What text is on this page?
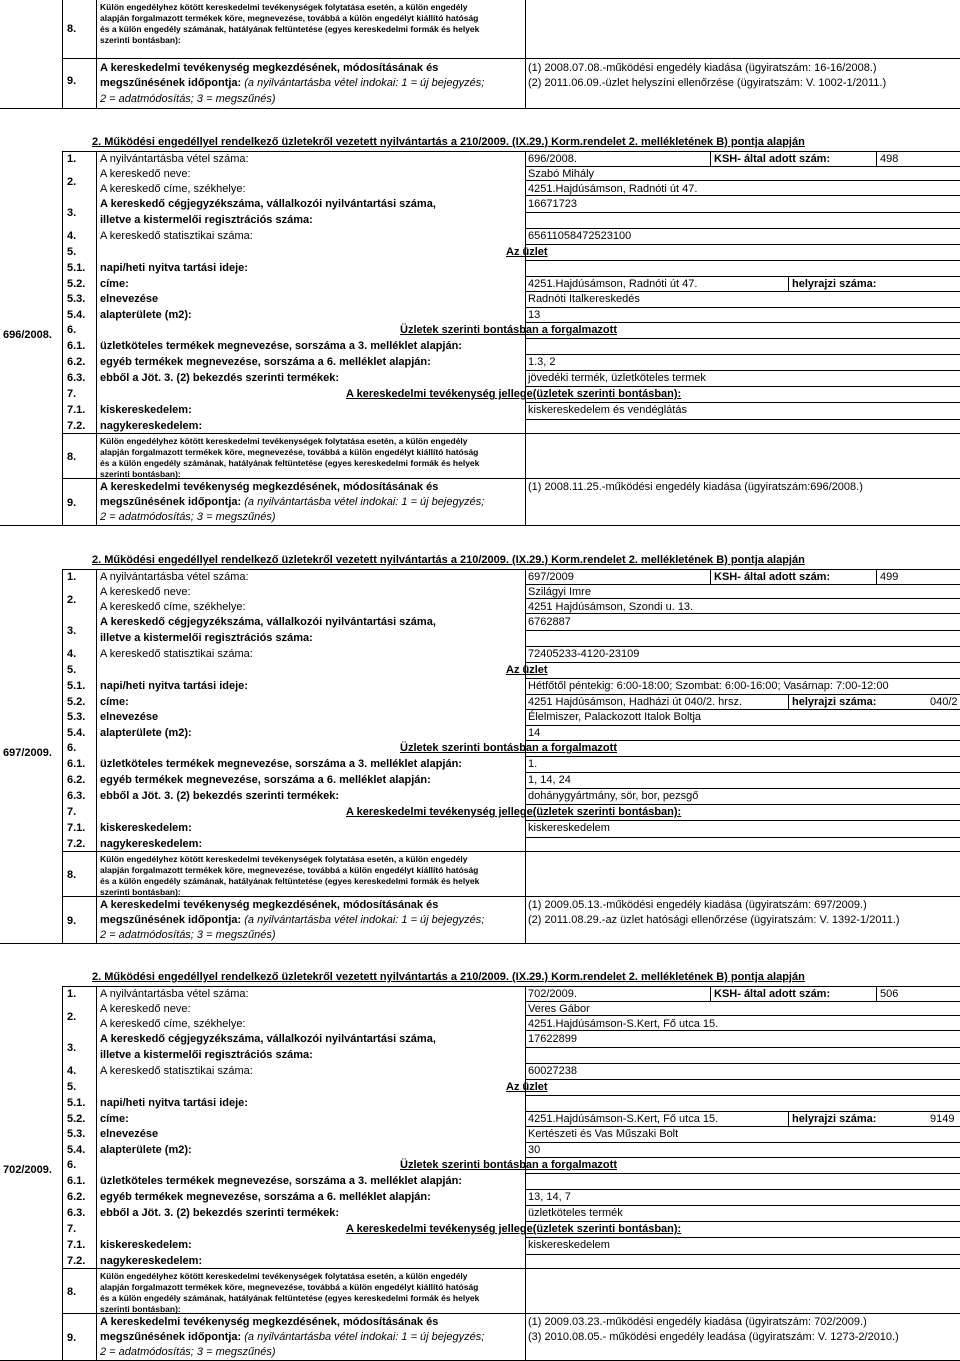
8.
Külön engedélyhez kötött kereskedelmi tevékenységek folytatása esetén, a külön engedély
alapján forgalmazott termékek köre, megnevezése, továbbá a külön engedélyt kiállító hatóság
és a külön engedély számának, hatályának feltüntetése (egyes kereskedelmi formák és helyek
szerinti bontásban):
9.
A kereskedelmi tevékenység megkezdésének, módosításának és
megszűnésének időpontja: (a nyilvántartásba vétel indokai: 1 = új bejegyzés;
2 = adatmódosítás; 3 = megszűnés)
(1) 2008.07.08.-működési engedély kiadása (ügyiratszám: 16-16/2008.)
(2) 2011.06.09.-üzlet helyszíni ellenőrzése (ügyiratszám: V. 1002-1/2011.)
2. Működési engedéllyel rendelkező üzletekről vezetett nyilvántartás a 210/2009. (IX.29.) Korm.rendelet 2. mellékletének B) pontja alapján
1. A nyilvántartásba vétel száma:	696/2008.	KSH- által adott szám:	498
2.
A kereskedő neve:	Szabó Mihály
A kereskedő címe, székhelye:	4251.Hajdúsámson, Radnóti út 47.
3.
A kereskedő cégjegyzékszáma, vállalkozói nyilvántartási száma,	16671723
illetve a kistermelői regisztrációs száma:
4. A kereskedő statisztikai száma:	65611058472523100
5.	Az üzlet
5.1. napi/heti nyitva tartási ideje:
5.2. címe:	4251.Hajdúsámson, Radnóti út 47.	helyrajzi száma:
5.3. elnevezése	Radnóti Italkereskedés
5.4. alapterülete (m2):	13
6.	Üzletek szerinti bontásban a forgalmazott
6.1. üzletköteles termékek megnevezése, sorszáma a 3. melléklet alapján:
6.2. egyéb termékek megnevezése, sorszáma a 6. melléklet alapján:	1.3, 2
6.3. ebből a Jöt. 3. (2) bekezdés szerinti termékek:	jövedéki termék, üzletköteles termek
7.	A kereskedelmi tevékenység jellege(üzletek szerinti bontásban):
7.1. kiskereskedelem:	kiskereskedelem és vendéglátás
7.2. nagykereskedelem:
8.
Külön engedélyhez kötött kereskedelmi tevékenységek folytatása esetén, a külön engedély
alapján forgalmazott termékek köre, megnevezése, továbbá a külön engedélyt kiállító hatóság
és a külön engedély számának, hatályának feltüntetése (egyes kereskedelmi formák és helyek
szerinti bontásban):
9.
A kereskedelmi tevékenység megkezdésének, módosításának és
megszűnésének időpontja: (a nyilvántartásba vétel indokai: 1 = új bejegyzés;
2 = adatmódosítás; 3 = megszűnés)
(1) 2008.11.25.-működési engedély kiadása (ügyiratszám:696/2008.)
696/2008.
2. Működési engedéllyel rendelkező üzletekről vezetett nyilvántartás a 210/2009. (IX.29.) Korm.rendelet 2. mellékletének B) pontja alapján
1. A nyilvántartásba vétel száma:	697/2009	KSH- által adott szám:	499
2.
A kereskedő neve:	Szilágyi Imre
A kereskedő címe, székhelye:	4251 Hajdúsámson, Szondi u. 13.
3.
A kereskedő cégjegyzékszáma, vállalkozói nyilvántartási száma,	6762887
illetve a kistermelői regisztrációs száma:
4. A kereskedő statisztikai száma:	72405233-4120-23109
5.	Az üzlet
5.1. napi/heti nyitva tartási ideje:	Hétfőtől péntekig: 6:00-18:00; Szombat: 6:00-16:00; Vasárnap: 7:00-12:00
5.2. címe:	4251 Hajdúsámson, Hadházi út 040/2. hrsz.	helyrajzi száma:	040/2
5.3. elnevezése	Élelmiszer, Palackozott Italok Boltja
5.4. alapterülete (m2):	14
6.	Üzletek szerinti bontásban a forgalmazott
6.1. üzletköteles termékek megnevezése, sorszáma a 3. melléklet alapján:	1.
6.2. egyéb termékek megnevezése, sorszáma a 6. melléklet alapján:	1, 14, 24
6.3. ebből a Jöt. 3. (2) bekezdés szerinti termékek:	dohánygyártmány, sör, bor, pezsgő
7.	A kereskedelmi tevékenység jellege(üzletek szerinti bontásban):
7.1. kiskereskedelem:	kiskereskedelem
7.2. nagykereskedelem:
8.
Külön engedélyhez kötött kereskedelmi tevékenységek folytatása esetén, a külön engedély
alapján forgalmazott termékek köre, megnevezése, továbbá a külön engedélyt kiállító hatóság
és a külön engedély számának, hatályának feltüntetése (egyes kereskedelmi formák és helyek
szerinti bontásban):
9.
A kereskedelmi tevékenység megkezdésének, módosításának és
megszűnésének időpontja: (a nyilvántartásba vétel indokai: 1 = új bejegyzés;
2 = adatmódosítás; 3 = megszűnés)
(1) 2009.05.13.-működési engedély kiadása (ügyiratszám: 697/2009.)
(2) 2011.08.29.-az üzlet hatósági ellenőrzése (ügyiratszám: V. 1392-1/2011.)
697/2009.
2. Működési engedéllyel rendelkező üzletekről vezetett nyilvántartás a 210/2009. (IX.29.) Korm.rendelet 2. mellékletének B) pontja alapján
1. A nyilvántartásba vétel száma:	702/2009.	KSH- által adott szám:	506
2.
A kereskedő neve:	Veres Gábor
A kereskedő címe, székhelye:	4251.Hajdúsámson-S.Kert, Fő utca 15.
3.
A kereskedő cégjegyzékszáma, vállalkozói nyilvántartási száma,	17622899
illetve a kistermelői regisztrációs száma:
4. A kereskedő statisztikai száma:	60027238
5.	Az üzlet
5.1. napi/heti nyitva tartási ideje:
5.2. címe:	4251.Hajdúsámson-S.Kert, Fő utca 15.	helyrajzi száma:	9149
5.3. elnevezése	Kertészeti és Vas Műszaki Bolt
5.4. alapterülete (m2):	30
6.	Üzletek szerinti bontásban a forgalmazott
6.1. üzletköteles termékek megnevezése, sorszáma a 3. melléklet alapján:
6.2. egyéb termékek megnevezése, sorszáma a 6. melléklet alapján:	13, 14, 7
6.3. ebből a Jöt. 3. (2) bekezdés szerinti termékek:	üzletköteles termék
7.	A kereskedelmi tevékenység jellege(üzletek szerinti bontásban):
7.1. kiskereskedelem:	kiskereskedelem
7.2. nagykereskedelem:
8.
Külön engedélyhez kötött kereskedelmi tevékenységek folytatása esetén, a külön engedély
alapján forgalmazott termékek köre, megnevezése, továbbá a külön engedélyt kiállító hatóság
és a külön engedély számának, hatályának feltüntetése (egyes kereskedelmi formák és helyek
szerinti bontásban):
9.
A kereskedelmi tevékenység megkezdésének, módosításának és
megszűnésének időpontja: (a nyilvántartásba vétel indokai: 1 = új bejegyzés;
2 = adatmódosítás; 3 = megszűnés)
(1) 2009.03.23.-működési engedély kiadása (ügyiratszám: 702/2009.)
(3) 2010.08.05.- működési engedély leadása (ügyiratszám: V. 1273-2/2010.)
702/2009.
